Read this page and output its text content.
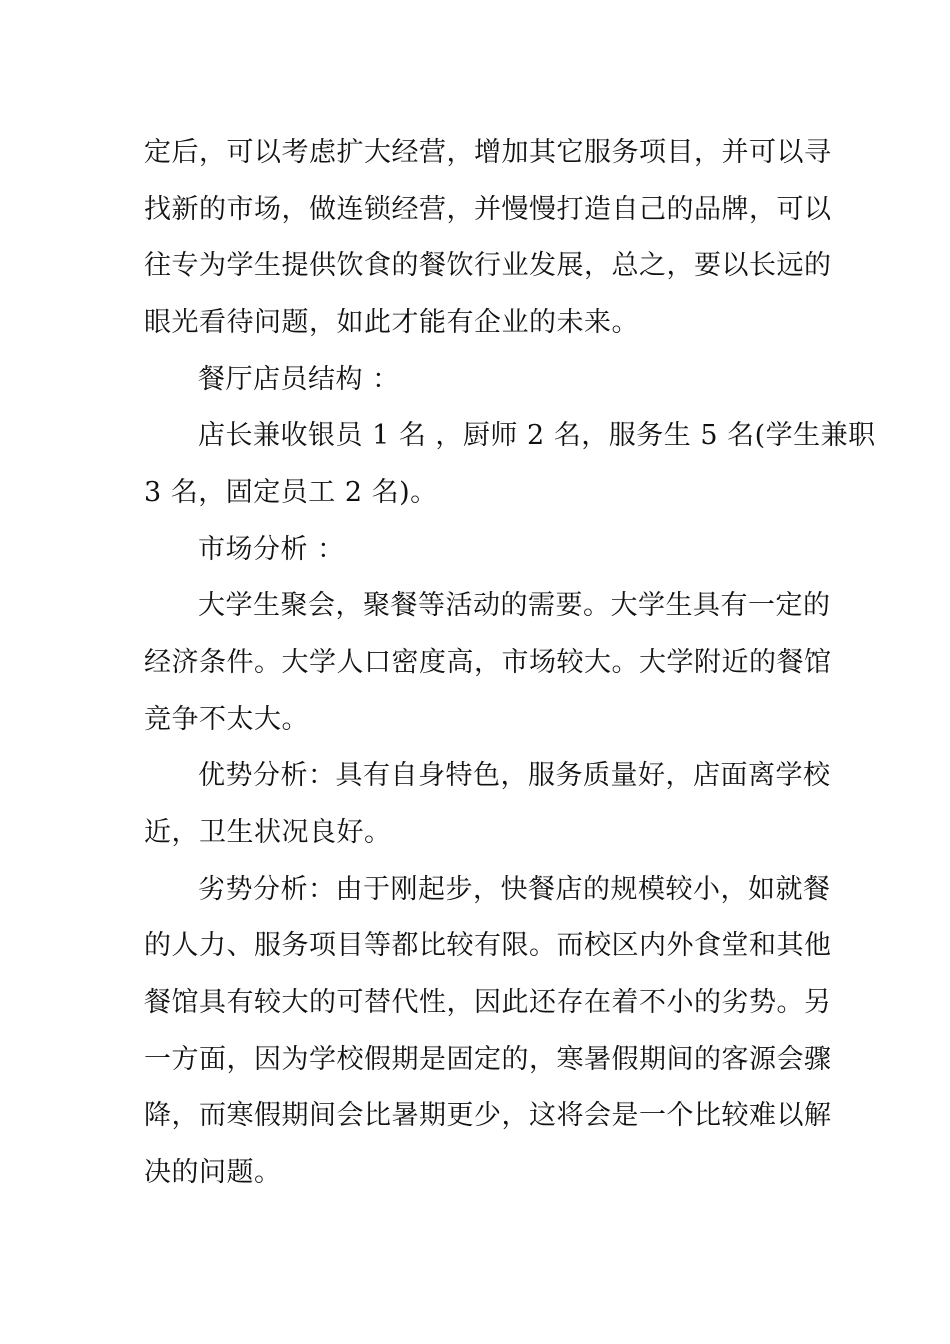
定后，可以考虑扩大经营，增加其它服务项目，并可以寻
找新的市场，做连锁经营，并慢慢打造自己的品牌，可以
往专为学生提供饮食的餐饮行业发展，总之，要以长远的
眼光看待问题，如此才能有企业的未来。
餐厅店员结构 ：
店长兼收银员 1 名 ，厨师 2 名，服务生 5 名(学生兼职
3 名，固定员工 2 名)。
市场分析 ：
大学生聚会，聚餐等活动的需要。大学生具有一定的
经济条件。大学人口密度高，市场较大。大学附近的餐馆
竞争不太大。
优势分析：具有自身特色，服务质量好，店面离学校
近，卫生状况良好。
劣势分析：由于刚起步，快餐店的规模较小，如就餐
的人力、服务项目等都比较有限。而校区内外食堂和其他
餐馆具有较大的可替代性，因此还存在着不小的劣势。另
一方面，因为学校假期是固定的，寒暑假期间的客源会骤
降，而寒假期间会比暑期更少，这将会是一个比较难以解
决的问题。
